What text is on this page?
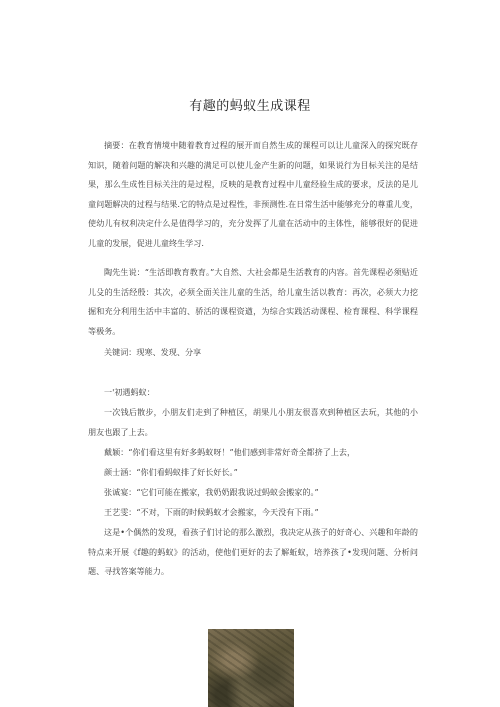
有趣的蚂蚁生成课程

摘要：在教育情境中随着教育过程的展开而自然生成的课程可以让儿童深入的探究既存知识，随着问题的解决和兴趣的满足可以使儿金产生新的问题，如果说行为目标关注的是结果，那么生成性目标关注的是过程，反映的是教育过程中儿童经验生成的要求，反法的是儿童问题解决的过程与结果.它的特点是过程性，非预测性.在日常生活中能够充分的尊重儿变，使幼儿有权利决定什么是值得学习的，充分发挥了儿童在活动中的主体性，能够很好的促进儿童的发展，促进儿童终生学习.

陶先生说：“生活即教育教育。”大自然、大社会都是生活教育的内容。首先课程必须贴近儿殳的生活经殷：其次，必须全面关注儿童的生活，给儿童生活以教育：再次，必须大力挖掘和充分利用生活中丰富的、骄活的课程资遒，为综合实践活动课程、检育课程、科学课程等极务。

关键词：现寒、发现、分享
一'初遇蚂蚁：

一次钱后散步，小朋友们走到了种植区，胡果儿小朋友很喜欢到种植区去玩，其他的小朋友也跟了上去。

戴颖：“你们看这里有好多蚂蚁呀！”他们感到非常好奇全都挤了上去，
颜士涵：“你们看蚂蚁排了好长好长。”
张诚宴：“它们可能在搬家，我奶奶跟我说过蚂蚁会搬家的。”
王艺雯：“不对，下雨的时候蚂蚁才会搬家，今天没有下雨。”

这是•个偶然的发现，看孩子们讨论的那么激烈，我决定从孩子的好奇心、兴趣和年龄的特点来开展《f趣的蚂蚁》的活动，使他们更好的去了解蚯蚁，培养孩了•发现问题、分析问题、寻找答案等能力。
